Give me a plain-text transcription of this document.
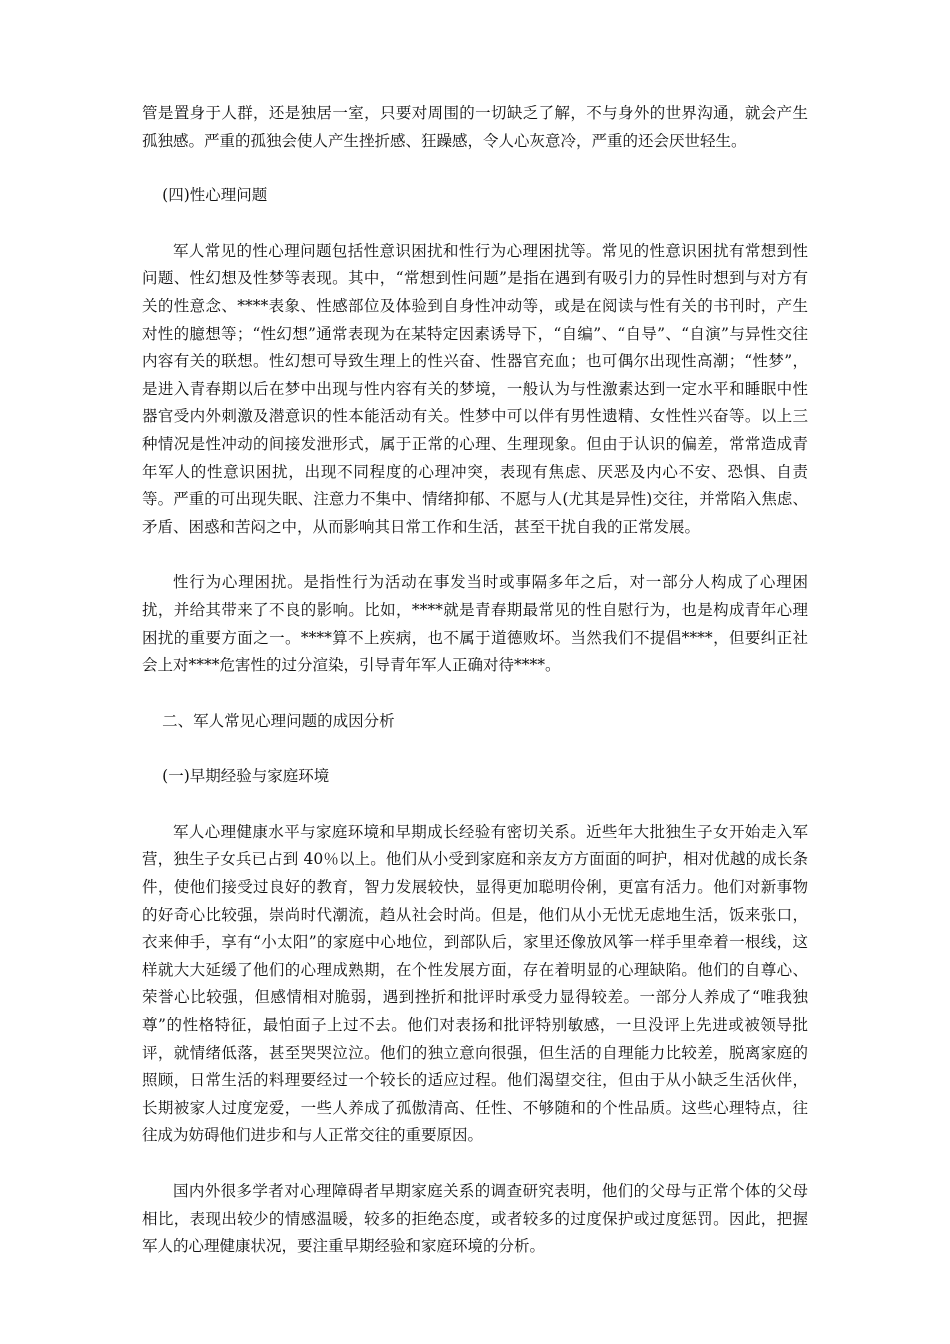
管是置身于人群，还是独居一室，只要对周围的一切缺乏了解，不与身外的世界沟通，就会产生孤独感。严重的孤独会使人产生挫折感、狂躁感，令人心灰意冷，严重的还会厌世轻生。

(四)性心理问题

军人常见的性心理问题包括性意识困扰和性行为心理困扰等。常见的性意识困扰有常想到性问题、性幻想及性梦等表现。其中，“常想到性问题”是指在遇到有吸引力的异性时想到与对方有关的性意念、****表象、性感部位及体验到自身性冲动等，或是在阅读与性有关的书刊时，产生对性的臆想等；“性幻想”通常表现为在某特定因素诱导下，“自编”、“自导”、“自演”与异性交往内容有关的联想。性幻想可导致生理上的性兴奋、性器官充血；也可偶尔出现性高潮；“性梦”，是进入青春期以后在梦中出现与性内容有关的梦境，一般认为与性激素达到一定水平和睡眠中性器官受内外刺激及潜意识的性本能活动有关。性梦中可以伴有男性遗精、女性性兴奋等。以上三种情况是性冲动的间接发泄形式，属于正常的心理、生理现象。但由于认识的偏差，常常造成青年军人的性意识困扰，出现不同程度的心理冲突，表现有焦虑、厌恶及内心不安、恐惧、自责等。严重的可出现失眠、注意力不集中、情绪抑郁、不愿与人(尤其是异性)交往，并常陷入焦虑、矛盾、困惑和苦闷之中，从而影响其日常工作和生活，甚至干扰自我的正常发展。

性行为心理困扰。是指性行为活动在事发当时或事隔多年之后，对一部分人构成了心理困扰，并给其带来了不良的影响。比如，****就是青春期最常见的性自慰行为，也是构成青年心理困扰的重要方面之一。****算不上疾病，也不属于道德败坏。当然我们不提倡****，但要纠正社会上对****危害性的过分渲染，引导青年军人正确对待****。

二、军人常见心理问题的成因分析

(一)早期经验与家庭环境

军人心理健康水平与家庭环境和早期成长经验有密切关系。近些年大批独生子女开始走入军营，独生子女兵已占到 40％以上。他们从小受到家庭和亲友方方面面的呵护，相对优越的成长条件，使他们接受过良好的教育，智力发展较快，显得更加聪明伶俐，更富有活力。他们对新事物的好奇心比较强，崇尚时代潮流，趋从社会时尚。但是，他们从小无忧无虑地生活，饭来张口，衣来伸手，享有“小太阳”的家庭中心地位，到部队后，家里还像放风筝一样手里牵着一根线，这样就大大延缓了他们的心理成熟期，在个性发展方面，存在着明显的心理缺陷。他们的自尊心、荣誉心比较强，但感情相对脆弱，遇到挫折和批评时承受力显得较差。一部分人养成了“唯我独尊”的性格特征，最怕面子上过不去。他们对表扬和批评特别敏感，一旦没评上先进或被领导批评，就情绪低落，甚至哭哭泣泣。他们的独立意向很强，但生活的自理能力比较差，脱离家庭的照顾，日常生活的料理要经过一个较长的适应过程。他们渴望交往，但由于从小缺乏生活伙伴，长期被家人过度宠爱，一些人养成了孤傲清高、任性、不够随和的个性品质。这些心理特点，往往成为妨碍他们进步和与人正常交往的重要原因。

国内外很多学者对心理障碍者早期家庭关系的调查研究表明，他们的父母与正常个体的父母相比，表现出较少的情感温暖，较多的拒绝态度，或者较多的过度保护或过度惩罚。因此，把握军人的心理健康状况，要注重早期经验和家庭环境的分析。
